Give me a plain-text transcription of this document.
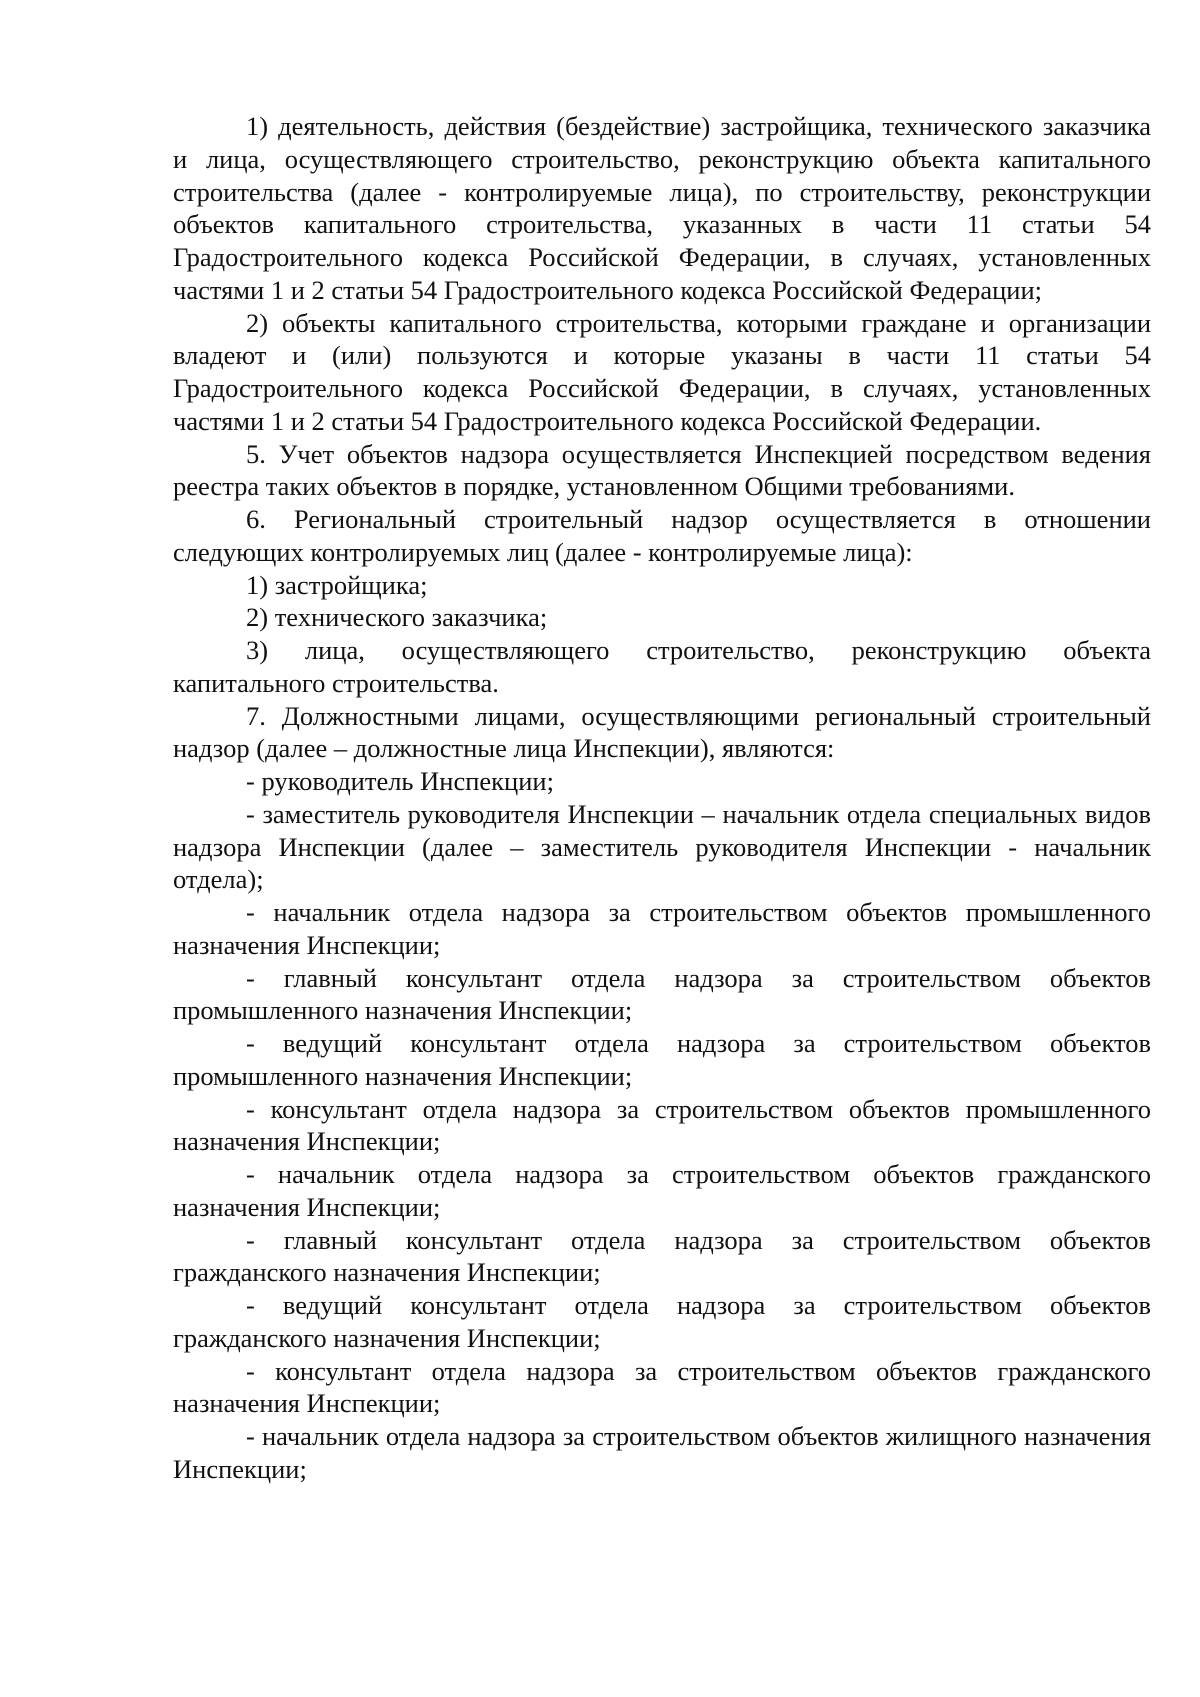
1) деятельность, действия (бездействие) застройщика, технического заказчика и лица, осуществляющего строительство, реконструкцию объекта капитального строительства (далее - контролируемые лица), по строительству, реконструкции объектов капитального строительства, указанных в части 11 статьи 54 Градостроительного кодекса Российской Федерации, в случаях, установленных частями 1 и 2 статьи 54 Градостроительного кодекса Российской Федерации;

2) объекты капитального строительства, которыми граждане и организации владеют и (или) пользуются и которые указаны в части 11 статьи 54 Градостроительного кодекса Российской Федерации, в случаях, установленных частями 1 и 2 статьи 54 Градостроительного кодекса Российской Федерации.

5. Учет объектов надзора осуществляется Инспекцией посредством ведения реестра таких объектов в порядке, установленном Общими требованиями.

6. Региональный строительный надзор осуществляется в отношении следующих контролируемых лиц (далее - контролируемые лица):

1) застройщика;

2) технического заказчика;

3) лица, осуществляющего строительство, реконструкцию объекта капитального строительства.

7. Должностными лицами, осуществляющими региональный строительный надзор (далее – должностные лица Инспекции), являются:

- руководитель Инспекции;

- заместитель руководителя Инспекции – начальник отдела специальных видов надзора Инспекции (далее – заместитель руководителя Инспекции - начальник отдела);

- начальник отдела надзора за строительством объектов промышленного назначения Инспекции;

- главный консультант отдела надзора за строительством объектов промышленного назначения Инспекции;

- ведущий консультант отдела надзора за строительством объектов промышленного назначения Инспекции;

- консультант отдела надзора за строительством объектов промышленного назначения Инспекции;

- начальник отдела надзора за строительством объектов гражданского назначения Инспекции;

- главный консультант отдела надзора за строительством объектов гражданского назначения Инспекции;

- ведущий консультант отдела надзора за строительством объектов гражданского назначения Инспекции;

- консультант отдела надзора за строительством объектов гражданского назначения Инспекции;

- начальник отдела надзора за строительством объектов жилищного назначения Инспекции;
